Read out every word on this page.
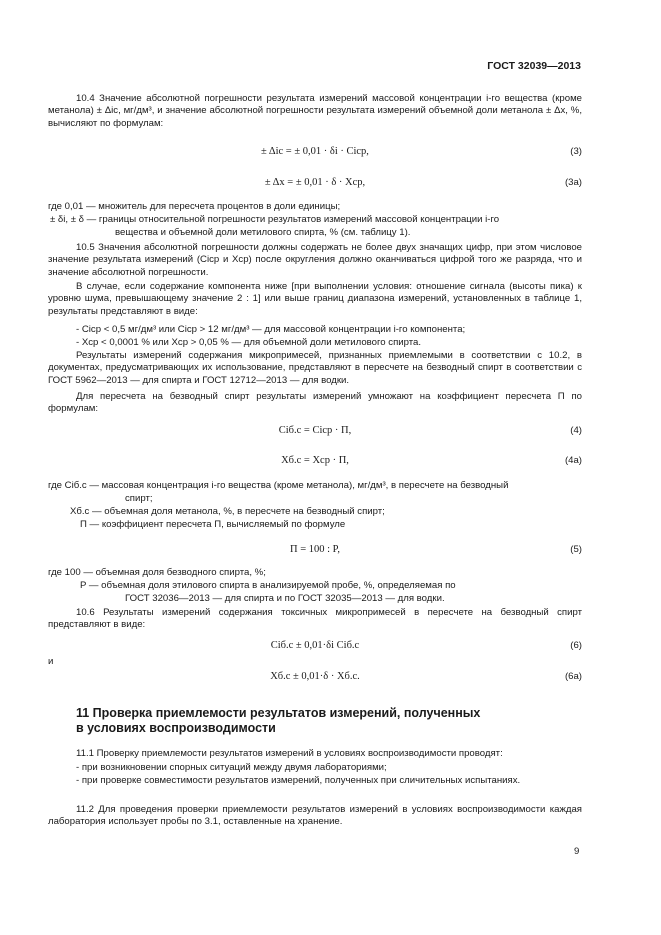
ГОСТ 32039—2013
10.4 Значение абсолютной погрешности результата измерений массовой концентрации i-го вещества (кроме метанола) ± Δic, мг/дм³, и значение абсолютной погрешности результата измерений объемной доли метанола ± Δx, %, вычисляют по формулам:
± Δic = ± 0,01 · δi · Ciср,	(3)
± Δx = ± 0,01 · δ · Xср,	(3а)
где 0,01 — множитель для пересчета процентов в доли единицы;
± δi, ± δ — границы относительной погрешности результатов измерений массовой концентрации i-го
вещества и объемной доли метилового спирта, % (см. таблицу 1).
10.5 Значения абсолютной погрешности должны содержать не более двух значащих цифр, при этом числовое значение результата измерений (Cicp и Xср) после округления должно оканчиваться цифрой того же разряда, что и значение абсолютной погрешности.
В случае, если содержание компонента ниже [при выполнении условия: отношение сигнала (высоты пика) к уровню шума, превышающему значение 2 : 1] или выше границ диапазона измерений, установленных в таблице 1, результаты представляют в виде:
- Cicp < 0,5 мг/дм³ или Cicp > 12 мг/дм³ — для массовой концентрации i-го компонента;
- Xср < 0,0001 % или Xср > 0,05 % — для объемной доли метилового спирта.
Результаты измерений содержания микропримесей, признанных приемлемыми в соответствии с 10.2, в документах, предусматривающих их использование, представляют в пересчете на безводный спирт в соответствии с ГОСТ 5962—2013 — для спирта и ГОСТ 12712—2013 — для водки.
Для пересчета на безводный спирт результаты измерений умножают на коэффициент пересчета П по формулам:
Ciб.с = Ciср · П,	(4)
Xб.с = Xср · П,	(4а)
где Ciб.с — массовая концентрация i-го вещества (кроме метанола), мг/дм³, в пересчете на безводный
спирт;
Xб.с — объемная доля метанола, %, в пересчете на безводный спирт;
П — коэффициент пересчета П, вычисляемый по формуле
П = 100 : P,	(5)
где 100 — объемная доля безводного спирта, %;
P — объемная доля этилового спирта в анализируемой пробе, %, определяемая по
ГОСТ 32036—2013 — для спирта и по ГОСТ 32035—2013 — для водки.
10.6 Результаты измерений содержания токсичных микропримесей в пересчете на безводный спирт представляют в виде:
Ciб.с ± 0,01·δi Ciб.с	(6)
и
Xб.с ± 0,01·δ · Xб.с.	(6а)
11 Проверка приемлемости результатов измерений, полученных
в условиях воспроизводимости
11.1 Проверку приемлемости результатов измерений в условиях воспроизводимости проводят:
- при возникновении спорных ситуаций между двумя лабораториями;
- при проверке совместимости результатов измерений, полученных при сличительных испытаниях.
11.2 Для проведения проверки приемлемости результатов измерений в условиях воспроизводимости каждая лаборатория использует пробы по 3.1, оставленные на хранение.
9
